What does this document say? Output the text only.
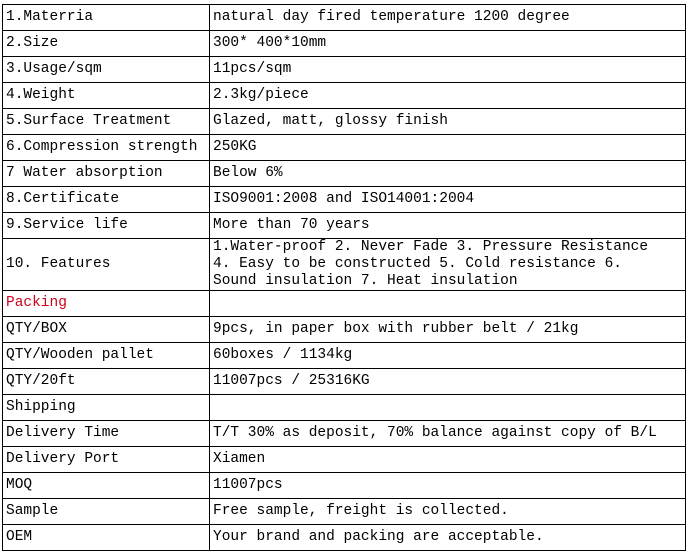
1.Materria	natural day fired temperature 1200 degree
2.Size	300* 400*10mm
3.Usage/sqm	11pcs/sqm
4.Weight	2.3kg/piece
5.Surface Treatment	Glazed, matt, glossy finish
6.Compression strength	250KG
7 Water absorption	Below 6%
8.Certificate	ISO9001:2008 and ISO14001:2004
9.Service life	More than 70 years
10. Features	1.Water-proof 2. Never Fade 3. Pressure Resistance
4. Easy to be constructed 5. Cold resistance 6.
Sound insulation 7. Heat insulation

Packing	
QTY/BOX	9pcs, in paper box with rubber belt / 21kg
QTY/Wooden pallet	60boxes / 1134kg
QTY/20ft	11007pcs / 25316KG
Shipping	
Delivery Time	T/T 30% as deposit, 70% balance against copy of B/L
Delivery Port	Xiamen
MOQ	11007pcs
Sample	Free sample, freight is collected.
OEM	Your brand and packing are acceptable.
